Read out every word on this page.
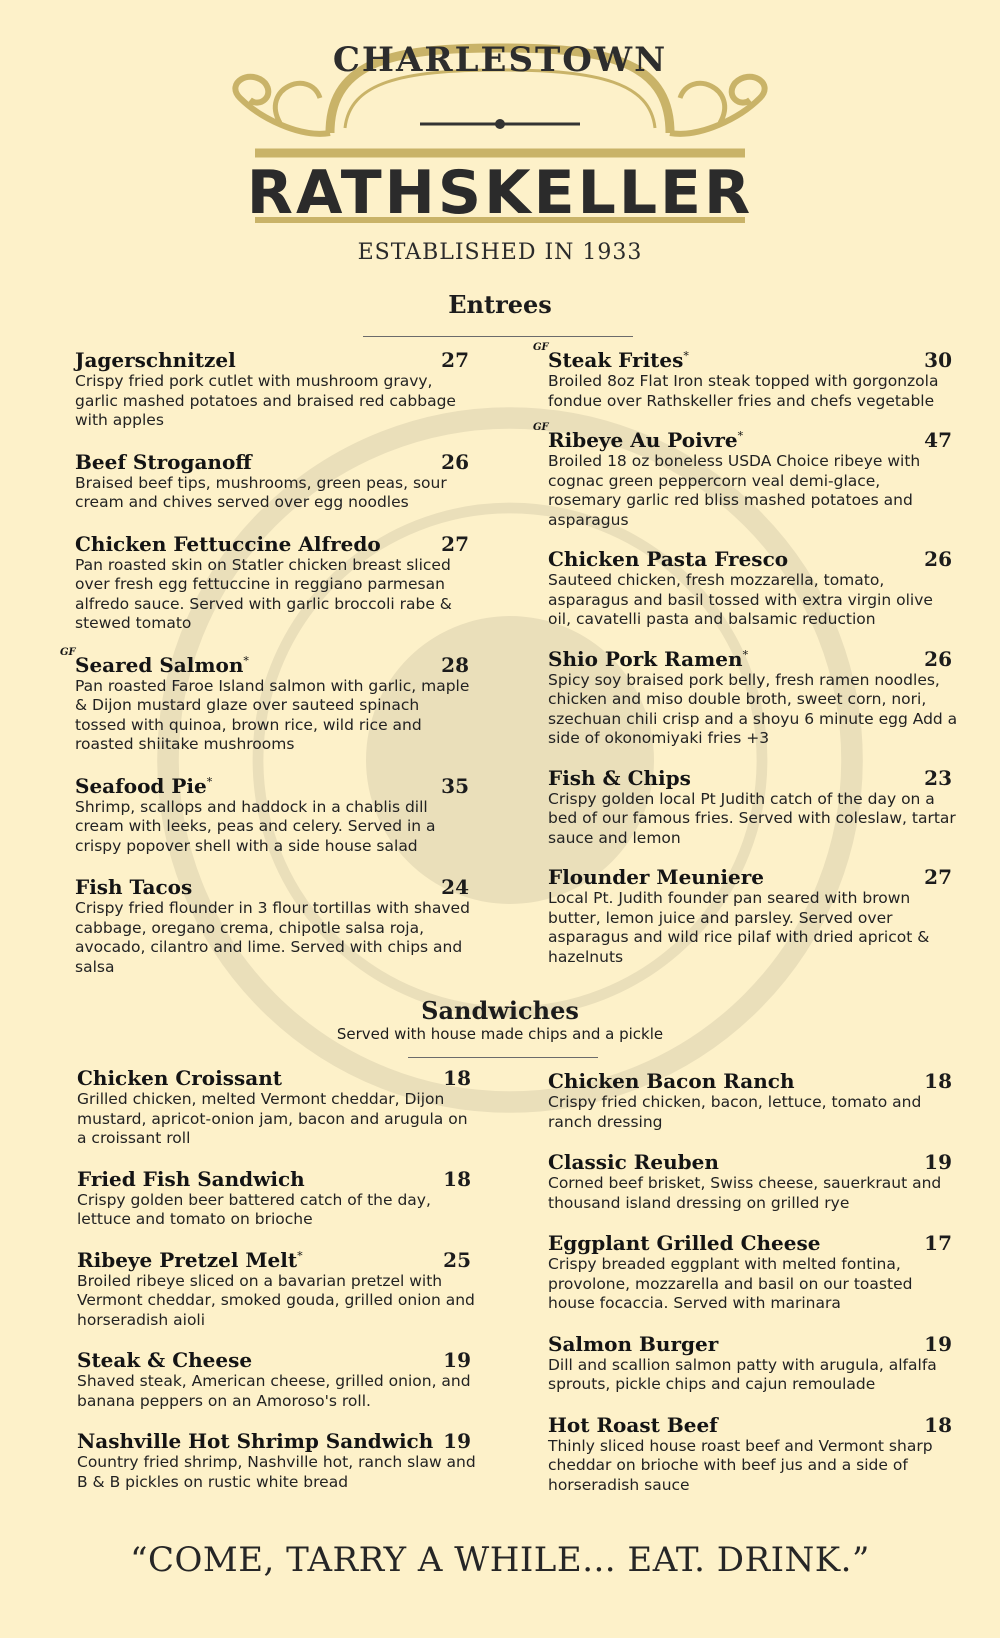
CHARLESTOWN
RATHSKELLER
ESTABLISHED IN 1933
Entrees
Jagerschnitzel	27
Crispy fried pork cutlet with mushroom gravy, garlic mashed potatoes and braised red cabbage with apples
Beef Stroganoff	26
Braised beef tips, mushrooms, green peas, sour cream and chives served over egg noodles
Chicken Fettuccine Alfredo	27
Pan roasted skin on Statler chicken breast sliced over fresh egg fettuccine in reggiano parmesan alfredo sauce. Served with garlic broccoli rabe & stewed tomato
GF
Seared Salmon*	28
Pan roasted Faroe Island salmon with garlic, maple & Dijon mustard glaze over sauteed spinach tossed with quinoa, brown rice, wild rice and roasted shiitake mushrooms
Seafood Pie*	35
Shrimp, scallops and haddock in a chablis dill cream with leeks, peas and celery. Served in a crispy popover shell with a side house salad
Fish Tacos	24
Crispy fried flounder in 3 flour tortillas with shaved cabbage, oregano crema, chipotle salsa roja, avocado, cilantro and lime. Served with chips and salsa
GF
Steak Frites*	30
Broiled 8oz Flat Iron steak topped with gorgonzola fondue over Rathskeller fries and chefs vegetable
GF
Ribeye Au Poivre*	47
Broiled 18 oz boneless USDA Choice ribeye with cognac green peppercorn veal demi-glace, rosemary garlic red bliss mashed potatoes and asparagus
Chicken Pasta Fresco	26
Sauteed chicken, fresh mozzarella, tomato, asparagus and basil tossed with extra virgin olive oil, cavatelli pasta and balsamic reduction
Shio Pork Ramen*	26
Spicy soy braised pork belly, fresh ramen noodles, chicken and miso double broth, sweet corn, nori, szechuan chili crisp and a shoyu 6 minute egg Add a side of okonomiyaki fries +3
Fish & Chips	23
Crispy golden local Pt Judith catch of the day on a bed of our famous fries. Served with coleslaw, tartar sauce and lemon
Flounder Meuniere	27
Local Pt. Judith founder pan seared with brown butter, lemon juice and parsley. Served over asparagus and wild rice pilaf with dried apricot & hazelnuts
Sandwiches
Served with house made chips and a pickle
Chicken Croissant	18
Grilled chicken, melted Vermont cheddar, Dijon mustard, apricot-onion jam, bacon and arugula on a croissant roll
Fried Fish Sandwich	18
Crispy golden beer battered catch of the day, lettuce and tomato on brioche
Ribeye Pretzel Melt*	25
Broiled ribeye sliced on a bavarian pretzel with Vermont cheddar, smoked gouda, grilled onion and horseradish aioli
Steak & Cheese	19
Shaved steak, American cheese, grilled onion, and banana peppers on an Amoroso's roll.
Nashville Hot Shrimp Sandwich 19
Country fried shrimp, Nashville hot, ranch slaw and B & B pickles on rustic white bread
Chicken Bacon Ranch	18
Crispy fried chicken, bacon, lettuce, tomato and ranch dressing
Classic Reuben	19
Corned beef brisket, Swiss cheese, sauerkraut and thousand island dressing on grilled rye
Eggplant Grilled Cheese	17
Crispy breaded eggplant with melted fontina, provolone, mozzarella and basil on our toasted house focaccia. Served with marinara
Salmon Burger	19
Dill and scallion salmon patty with arugula, alfalfa sprouts, pickle chips and cajun remoulade
Hot Roast Beef	18
Thinly sliced house roast beef and Vermont sharp cheddar on brioche with beef jus and a side of horseradish sauce
“COME, TARRY A WHILE... EAT. DRINK.”
